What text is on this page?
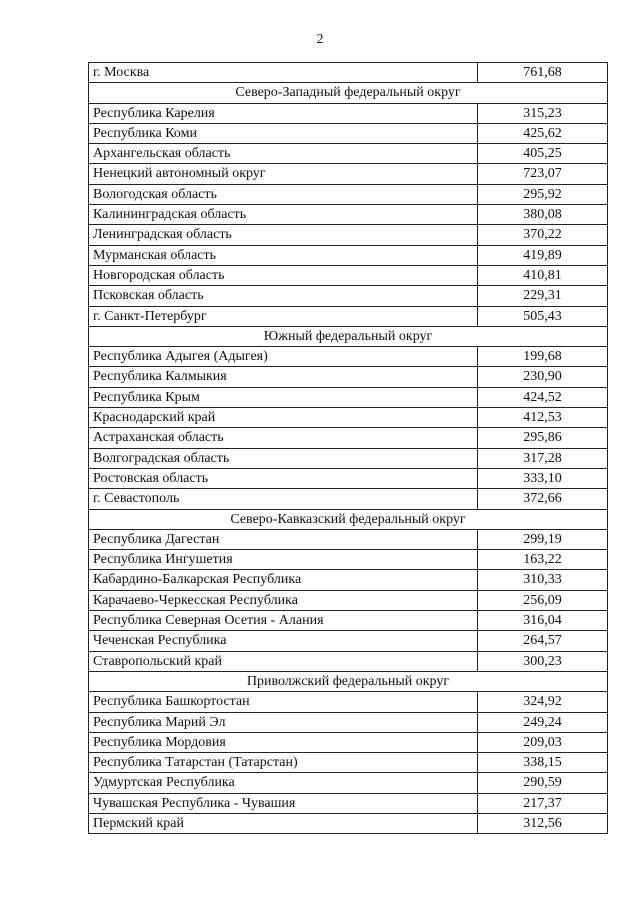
2
г. Москва	761,68
Северо-Западный федеральный округ
Республика Карелия	315,23
Республика Коми	425,62
Архангельская область	405,25
Ненецкий автономный округ	723,07
Вологодская область	295,92
Калининградская область	380,08
Ленинградская область	370,22
Мурманская область	419,89
Новгородская область	410,81
Псковская область	229,31
г. Санкт-Петербург	505,43
Южный федеральный округ
Республика Адыгея (Адыгея)	199,68
Республика Калмыкия	230,90
Республика Крым	424,52
Краснодарский край	412,53
Астраханская область	295,86
Волгоградская область	317,28
Ростовская область	333,10
г. Севастополь	372,66
Северо-Кавказский федеральный округ
Республика Дагестан	299,19
Республика Ингушетия	163,22
Кабардино-Балкарская Республика	310,33
Карачаево-Черкесская Республика	256,09
Республика Северная Осетия - Алания	316,04
Чеченская Республика	264,57
Ставропольский край	300,23
Приволжский федеральный округ
Республика Башкортостан	324,92
Республика Марий Эл	249,24
Республика Мордовия	209,03
Республика Татарстан (Татарстан)	338,15
Удмуртская Республика	290,59
Чувашская Республика - Чувашия	217,37
Пермский край	312,56
